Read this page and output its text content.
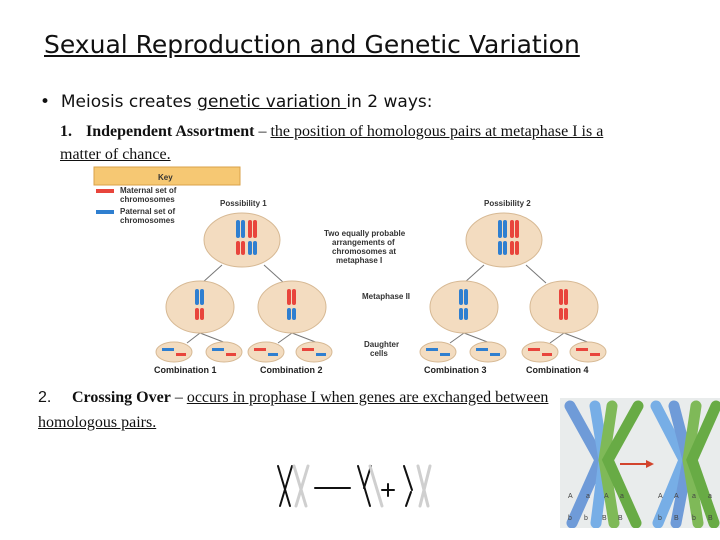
Sexual Reproduction and Genetic Variation
• Meiosis creates genetic variation in 2 ways:
1. Independent Assortment – the position of homologous pairs at metaphase I is a matter of chance.
Key
Maternal set of
chromosomes
Paternal set of
chromosomes
Possibility 1	Possibility 2
Two equally probable
arrangements of
chromosomes at
metaphase I
Metaphase II
Daughter
cells
Combination 1	Combination 2	Combination 3	Combination 4
2. Crossing Over – occurs in prophase I when genes are exchanged between homologous pairs.
A a A a
b b B B
A A a a
b B b B
